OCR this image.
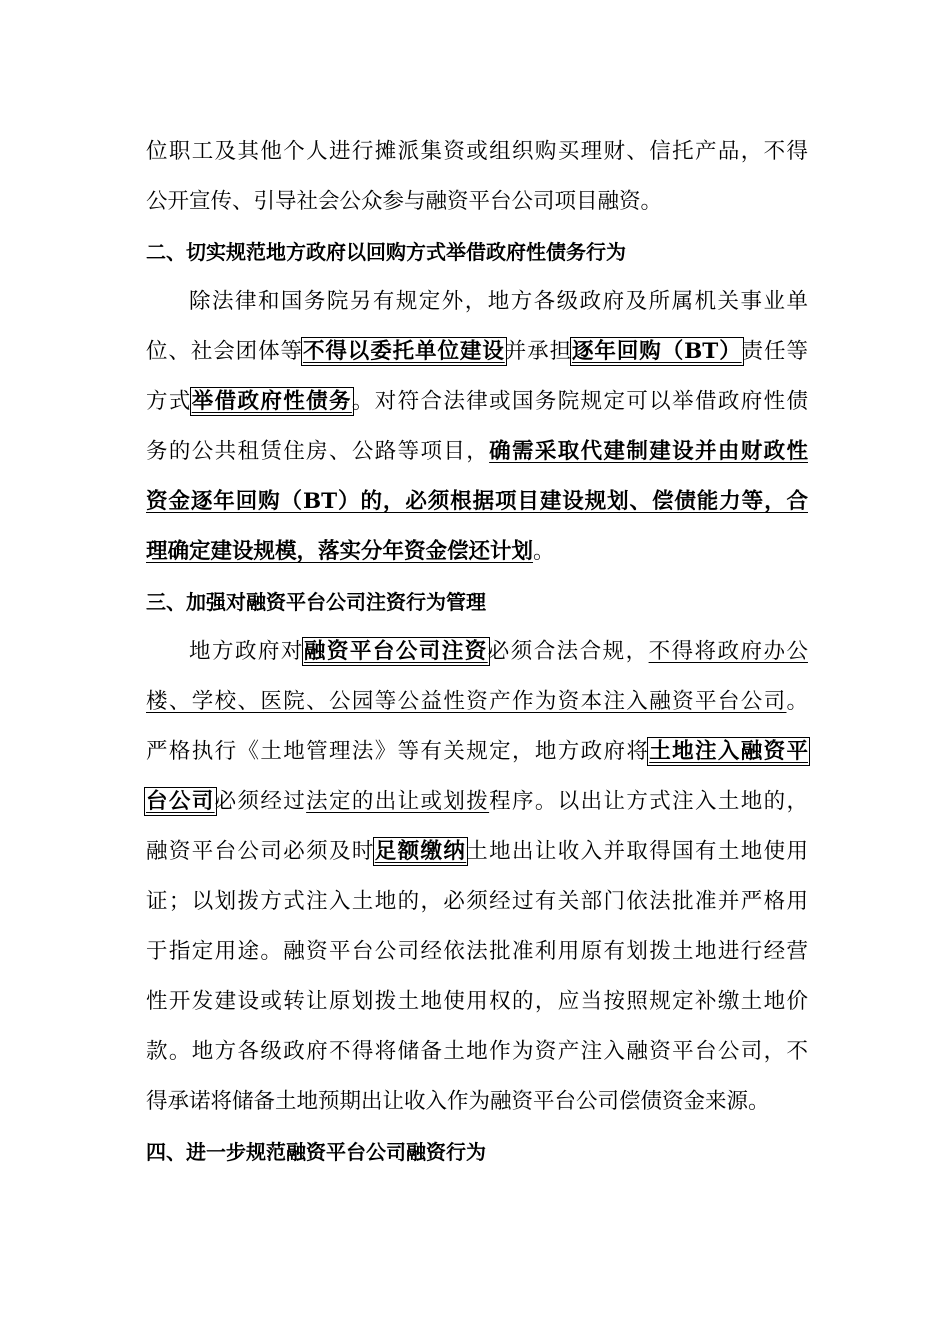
位职工及其他个人进行摊派集资或组织购买理财、信托产品，不得
公开宣传、引导社会公众参与融资平台公司项目融资。
二、切实规范地方政府以回购方式举借政府性债务行为
除法律和国务院另有规定外，地方各级政府及所属机关事业单
位、社会团体等不得以委托单位建设并承担逐年回购（BT）责任等
方式举借政府性债务。对符合法律或国务院规定可以举借政府性债
务的公共租赁住房、公路等项目，确需采取代建制建设并由财政性
资金逐年回购（BT）的，必须根据项目建设规划、偿债能力等，合
理确定建设规模，落实分年资金偿还计划。
三、加强对融资平台公司注资行为管理
地方政府对融资平台公司注资必须合法合规，不得将政府办公
楼、学校、医院、公园等公益性资产作为资本注入融资平台公司。
严格执行《土地管理法》等有关规定，地方政府将土地注入融资平
台公司必须经过法定的出让或划拨程序。以出让方式注入土地的，
融资平台公司必须及时足额缴纳土地出让收入并取得国有土地使用
证；以划拨方式注入土地的，必须经过有关部门依法批准并严格用
于指定用途。融资平台公司经依法批准利用原有划拨土地进行经营
性开发建设或转让原划拨土地使用权的，应当按照规定补缴土地价
款。地方各级政府不得将储备土地作为资产注入融资平台公司，不
得承诺将储备土地预期出让收入作为融资平台公司偿债资金来源。
四、进一步规范融资平台公司融资行为
